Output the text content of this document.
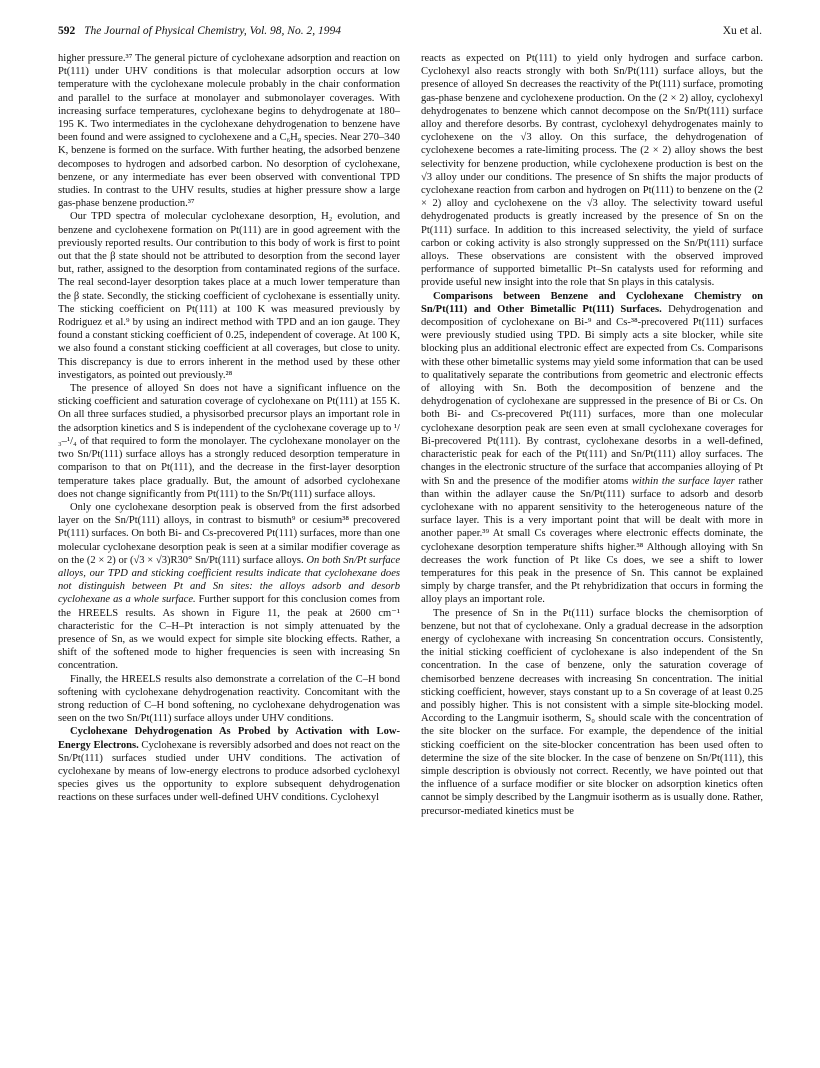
592 The Journal of Physical Chemistry, Vol. 98, No. 2, 1994	Xu et al.

higher pressure.³⁷ The general picture of cyclohexane adsorption and reaction on Pt(111) under UHV conditions is that molecular adsorption occurs at low temperature with the cyclohexane molecule probably in the chair conformation and parallel to the surface at monolayer and submonolayer coverages. With increasing surface temperatures, cyclohexane begins to dehydrogenate at 180–195 K. Two intermediates in the cyclohexane dehydrogenation to benzene have been found and were assigned to cyclohexene and a C₆H₉ species. Near 270–340 K, benzene is formed on the surface. With further heating, the adsorbed benzene decomposes to hydrogen and adsorbed carbon. No desorption of cyclohexane, benzene, or any intermediate has ever been observed with conventional TPD studies. In contrast to the UHV results, studies at higher pressure show a large gas-phase benzene production.³⁷

Our TPD spectra of molecular cyclohexane desorption, H₂ evolution, and benzene and cyclohexene formation on Pt(111) are in good agreement with the previously reported results. Our contribution to this body of work is first to point out that the β state should not be attributed to desorption from the second layer but, rather, assigned to the desorption from contaminated regions of the surface. The real second-layer desorption takes place at a much lower temperature than the β state. Secondly, the sticking coefficient of cyclohexane is essentially unity. The sticking coefficient on Pt(111) at 100 K was measured previously by Rodriguez et al.⁹ by using an indirect method with TPD and an ion gauge. They found a constant sticking coefficient of 0.25, independent of coverage. At 100 K, we also found a constant sticking coefficient at all coverages, but close to unity. This discrepancy is due to errors inherent in the method used by these other investigators, as pointed out previously.²⁸

The presence of alloyed Sn does not have a significant influence on the sticking coefficient and saturation coverage of cyclohexane on Pt(111) at 155 K. On all three surfaces studied, a physisorbed precursor plays an important role in the adsorption kinetics and S is independent of the cyclohexane coverage up to ¹/₃–¹/₄ of that required to form the monolayer. The cyclohexane monolayer on the two Sn/Pt(111) surface alloys has a strongly reduced desorption temperature in comparison to that on Pt(111), and the decrease in the first-layer desorption temperature takes place gradually. But, the amount of adsorbed cyclohexane does not change significantly from Pt(111) to the Sn/Pt(111) surface alloys.

Only one cyclohexane desorption peak is observed from the first adsorbed layer on the Sn/Pt(111) alloys, in contrast to bismuth⁹ or cesium³⁸ precovered Pt(111) surfaces. On both Bi- and Cs-precovered Pt(111) surfaces, more than one molecular cyclohexane desorption peak is seen at a similar modifier coverage as on the (2 × 2) or (√3 × √3)R30° Sn/Pt(111) surface alloys. On both Sn/Pt surface alloys, our TPD and sticking coefficient results indicate that cyclohexane does not distinguish between Pt and Sn sites: the alloys adsorb and desorb cyclohexane as a whole surface. Further support for this conclusion comes from the HREELS results. As shown in Figure 11, the peak at 2600 cm⁻¹ characteristic for the C–H–Pt interaction is not simply attenuated by the presence of Sn, as we would expect for simple site blocking effects. Rather, a shift of the softened mode to higher frequencies is seen with increasing Sn concentration.

Finally, the HREELS results also demonstrate a correlation of the C–H bond softening with cyclohexane dehydrogenation reactivity. Concomitant with the strong reduction of C–H bond softening, no cyclohexane dehydrogenation was seen on the two Sn/Pt(111) surface alloys under UHV conditions.

Cyclohexane Dehydrogenation As Probed by Activation with Low-Energy Electrons. Cyclohexane is reversibly adsorbed and does not react on the Sn/Pt(111) surfaces studied under UHV conditions. The activation of cyclohexane by means of low-energy electrons to produce adsorbed cyclohexyl species gives us the opportunity to explore subsequent dehydrogenation reactions on these surfaces under well-defined UHV conditions. Cyclohexyl

reacts as expected on Pt(111) to yield only hydrogen and surface carbon. Cyclohexyl also reacts strongly with both Sn/Pt(111) surface alloys, but the presence of alloyed Sn decreases the reactivity of the Pt(111) surface, promoting gas-phase benzene and cyclohexene production. On the (2 × 2) alloy, cyclohexyl dehydrogenates to benzene which cannot decompose on the Sn/Pt(111) surface alloy and therefore desorbs. By contrast, cyclohexyl dehydrogenates mainly to cyclohexene on the √3 alloy. On this surface, the dehydrogenation of cyclohexene becomes a rate-limiting process. The (2 × 2) alloy shows the best selectivity for benzene production, while cyclohexene production is best on the √3 alloy under our conditions. The presence of Sn shifts the major products of cyclohexane reaction from carbon and hydrogen on Pt(111) to benzene on the (2 × 2) alloy and cyclohexene on the √3 alloy. The selectivity toward useful dehydrogenated products is greatly increased by the presence of Sn on the Pt(111) surface. In addition to this increased selectivity, the yield of surface carbon or coking activity is also strongly suppressed on the Sn/Pt(111) surface alloys. These observations are consistent with the observed improved performance of supported bimetallic Pt–Sn catalysts used for reforming and provide useful new insight into the role that Sn plays in this catalysis.

Comparisons between Benzene and Cyclohexane Chemistry on Sn/Pt(111) and Other Bimetallic Pt(111) Surfaces. Dehydrogenation and decomposition of cyclohexane on Bi-⁹ and Cs-³⁸-precovered Pt(111) surfaces were previously studied using TPD. Bi simply acts a site blocker, while site blocking plus an additional electronic effect are expected from Cs. Comparisons with these other bimetallic systems may yield some information that can be used to qualitatively separate the contributions from geometric and electronic effects of alloying with Sn. Both the decomposition of benzene and the dehydrogenation of cyclohexane are suppressed in the presence of Bi or Cs. On both Bi- and Cs-precovered Pt(111) surfaces, more than one molecular cyclohexane desorption peak are seen even at small cyclohexane coverages for Bi-precovered Pt(111). By contrast, cyclohexane desorbs in a well-defined, characteristic peak for each of the Pt(111) and Sn/Pt(111) alloy surfaces. The changes in the electronic structure of the surface that accompanies alloying of Pt with Sn and the presence of the modifier atoms within the surface layer rather than within the adlayer cause the Sn/Pt(111) surface to adsorb and desorb cyclohexane with no apparent sensitivity to the heterogeneous nature of the surface layer. This is a very important point that will be dealt with more in another paper.³⁹ At small Cs coverages where electronic effects dominate, the cyclohexane desorption temperature shifts higher.³⁸ Although alloying with Sn decreases the work function of Pt like Cs does, we see a shift to lower temperatures for this peak in the presence of Sn. This cannot be explained simply by charge transfer, and the Pt rehybridization that occurs in forming the alloy plays an important role.

The presence of Sn in the Pt(111) surface blocks the chemisorption of benzene, but not that of cyclohexane. Only a gradual decrease in the adsorption energy of cyclohexane with increasing Sn concentration occurs. Consistently, the initial sticking coefficient of cyclohexane is also independent of the Sn concentration. In the case of benzene, only the saturation coverage of chemisorbed benzene decreases with increasing Sn concentration. The initial sticking coefficient, however, stays constant up to a Sn coverage of at least 0.25 and possibly higher. This is not consistent with a simple site-blocking model. According to the Langmuir isotherm, S₀ should scale with the concentration of the site blocker on the surface. For example, the dependence of the initial sticking coefficient on the site-blocker concentration has been used often to determine the size of the site blocker. In the case of benzene on Sn/Pt(111), this simple description is obviously not correct. Recently, we have pointed out that the influence of a surface modifier or site blocker on adsorption kinetics often cannot be simply described by the Langmuir isotherm as is usually done. Rather, precursor-mediated kinetics must be
